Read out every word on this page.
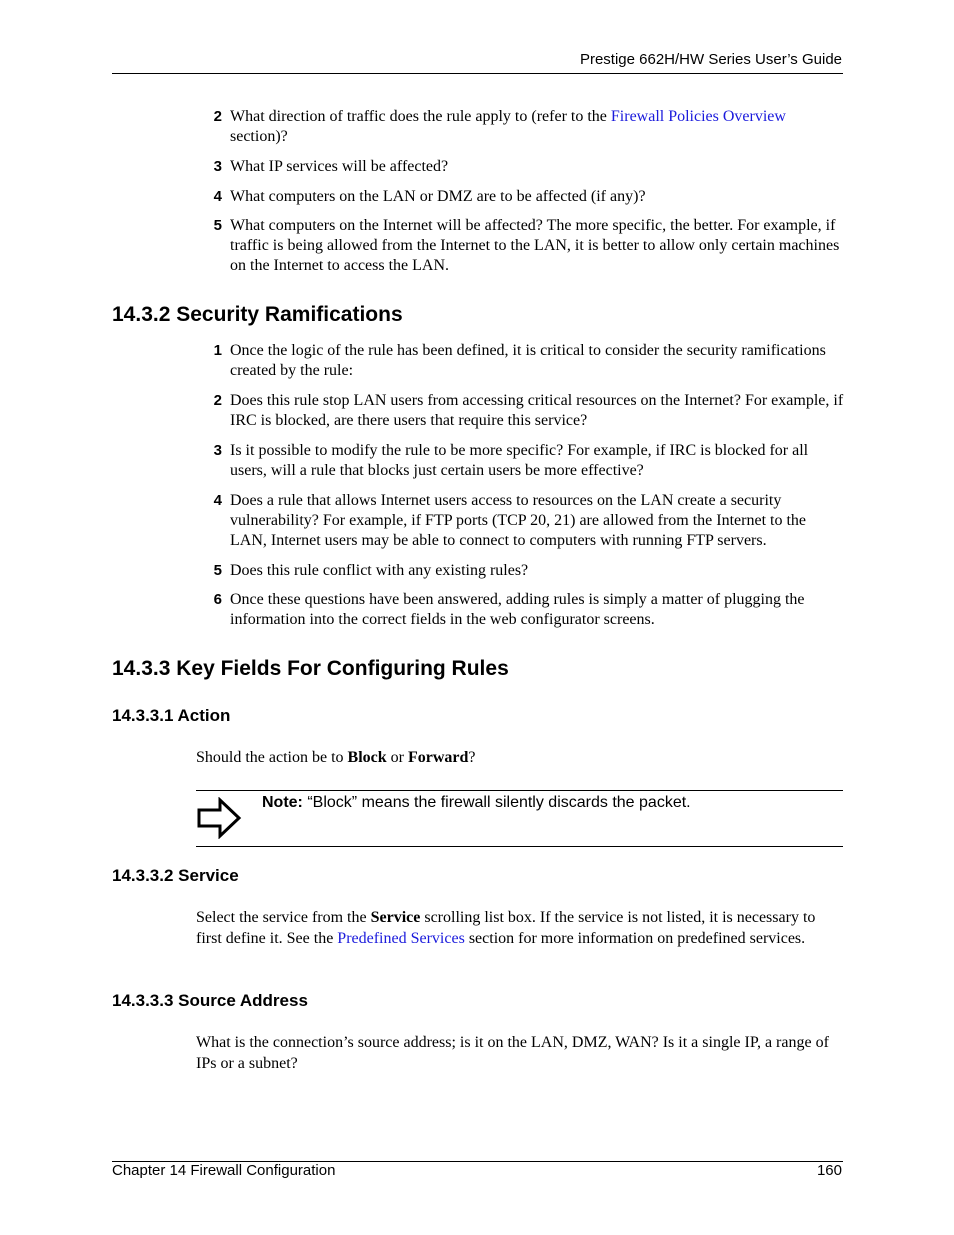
Prestige 662H/HW Series User’s Guide
2 What direction of traffic does the rule apply to (refer to the Firewall Policies Overview section)?
3 What IP services will be affected?
4 What computers on the LAN or DMZ are to be affected (if any)?
5 What computers on the Internet will be affected? The more specific, the better. For example, if traffic is being allowed from the Internet to the LAN, it is better to allow only certain machines on the Internet to access the LAN.
14.3.2 Security Ramifications
1 Once the logic of the rule has been defined, it is critical to consider the security ramifications created by the rule:
2 Does this rule stop LAN users from accessing critical resources on the Internet? For example, if IRC is blocked, are there users that require this service?
3 Is it possible to modify the rule to be more specific? For example, if IRC is blocked for all users, will a rule that blocks just certain users be more effective?
4 Does a rule that allows Internet users access to resources on the LAN create a security vulnerability? For example, if FTP ports (TCP 20, 21) are allowed from the Internet to the LAN, Internet users may be able to connect to computers with running FTP servers.
5 Does this rule conflict with any existing rules?
6 Once these questions have been answered, adding rules is simply a matter of plugging the information into the correct fields in the web configurator screens.
14.3.3 Key Fields For Configuring Rules
14.3.3.1 Action
Should the action be to Block or Forward?
Note: “Block” means the firewall silently discards the packet.
14.3.3.2 Service
Select the service from the Service scrolling list box. If the service is not listed, it is necessary to first define it. See the Predefined Services section for more information on predefined services.
14.3.3.3 Source Address
What is the connection’s source address; is it on the LAN, DMZ, WAN? Is it a single IP, a range of IPs or a subnet?
Chapter 14 Firewall Configuration	160
